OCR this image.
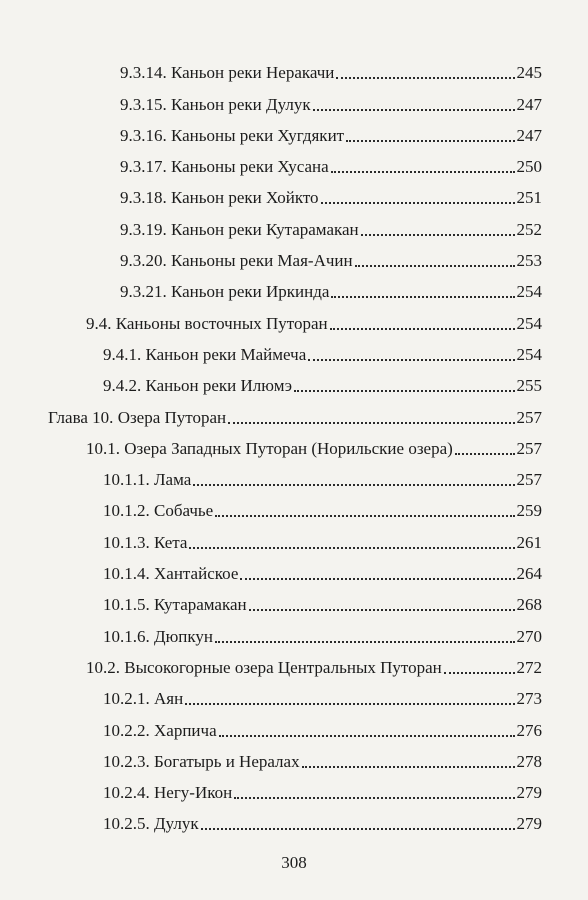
9.3.14. Каньон реки Неракачи	245
9.3.15. Каньон реки Дулук	247
9.3.16. Каньоны реки Хугдякит	247
9.3.17. Каньоны реки Хусана	250
9.3.18. Каньон реки Хойкто	251
9.3.19. Каньон реки Кутарамакан	252
9.3.20. Каньоны реки Мая-Ачин	253
9.3.21. Каньон реки Иркинда	254
9.4. Каньоны восточных Путоран	254
9.4.1. Каньон реки Маймеча	254
9.4.2. Каньон реки Илюмэ	255
Глава 10. Озера Путоран	257
10.1. Озера Западных Путоран (Норильские озера)	257
10.1.1. Лама	257
10.1.2. Собачье	259
10.1.3. Кета	261
10.1.4. Хантайское	264
10.1.5. Кутарамакан	268
10.1.6. Дюпкун	270
10.2. Высокогорные озера Центральных Путоран	272
10.2.1. Аян	273
10.2.2. Харпича	276
10.2.3. Богатырь и Нералах	278
10.2.4. Негу-Икон	279
10.2.5. Дулук	279
308
